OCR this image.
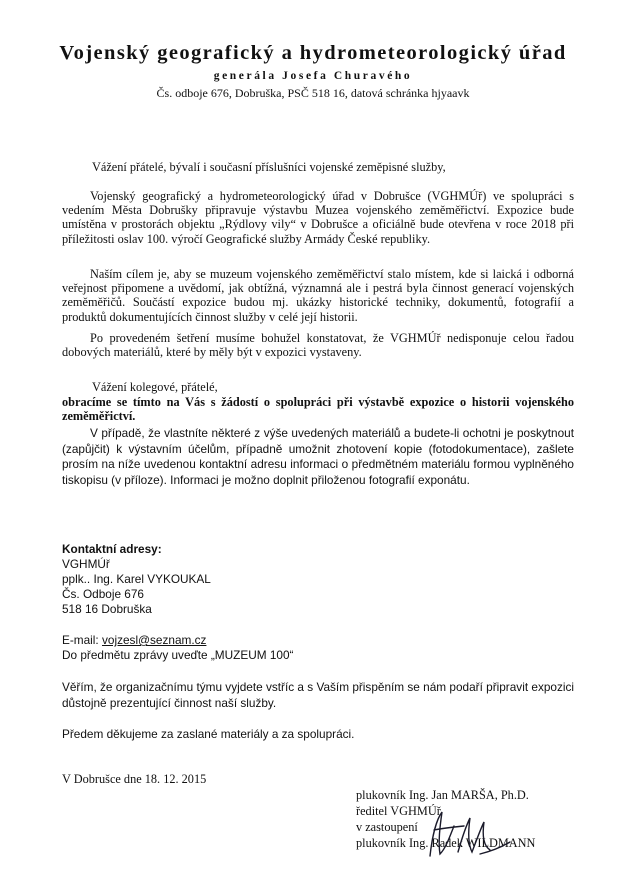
Vojenský geografický a hydrometeorologický úřad
generála Josefa Churavého
Čs. odboje 676, Dobruška, PSČ 518 16, datová schránka hjyaavk
Vážení přátelé, bývalí i současní příslušníci vojenské zeměpisné služby,

Vojenský geografický a hydrometeorologický úřad v Dobrušce (VGHMÚř) ve spolupráci s vedením Města Dobrušky připravuje výstavbu Muzea vojenského zeměměřictví. Expozice bude umístěna v prostorách objektu „Rýdlovy vily“ v Dobrušce a oficiálně bude otevřena v roce 2018 při příležitosti oslav 100. výročí Geografické služby Armády České republiky.

Naším cílem je, aby se muzeum vojenského zeměměřictví stalo místem, kde si laická i odborná veřejnost připomene a uvědomí, jak obtížná, významná ale i pestrá byla činnost generací vojenských zeměměřičů. Součástí expozice budou mj. ukázky historické techniky, dokumentů, fotografií a produktů dokumentujících činnost služby v celé její historii.

Po provedeném šetření musíme bohužel konstatovat, že VGHMÚř nedisponuje celou řadou dobových materiálů, které by měly být v expozici vystaveny.

Vážení kolegové, přátelé,

obracíme se tímto na Vás s žádostí o spolupráci při výstavbě expozice o historii vojenského zeměměřictví.

V případě, že vlastníte některé z výše uvedených materiálů a budete-li ochotni je poskytnout (zapůjčit) k výstavním účelům, případně umožnit zhotovení kopie (fotodokumentace), zašlete prosím na níže uvedenou kontaktní adresu informaci o předmětném materiálu formou vyplněného tiskopisu (v příloze). Informaci je možno doplnit přiloženou fotografií exponátu.

Kontaktní adresy:
VGHMÚř
pplk.. Ing. Karel VYKOUKAL
Čs. Odboje 676
518 16 Dobruška
E-mail: vojzesl@seznam.cz
Do předmětu zprávy uveďte „MUZEUM 100“
Věřím, že organizačnímu týmu vyjdete vstříc a s Vaším přispěním se nám podaří připravit expozici důstojně prezentující činnost naší služby.
Předem děkujeme za zaslané materiály a za spolupráci.
V Dobrušce dne 18. 12. 2015
plukovník Ing. Jan MARŠA, Ph.D.
ředitel VGHMÚř
v zastoupení
plukovník Ing. Radek WILDMANN
